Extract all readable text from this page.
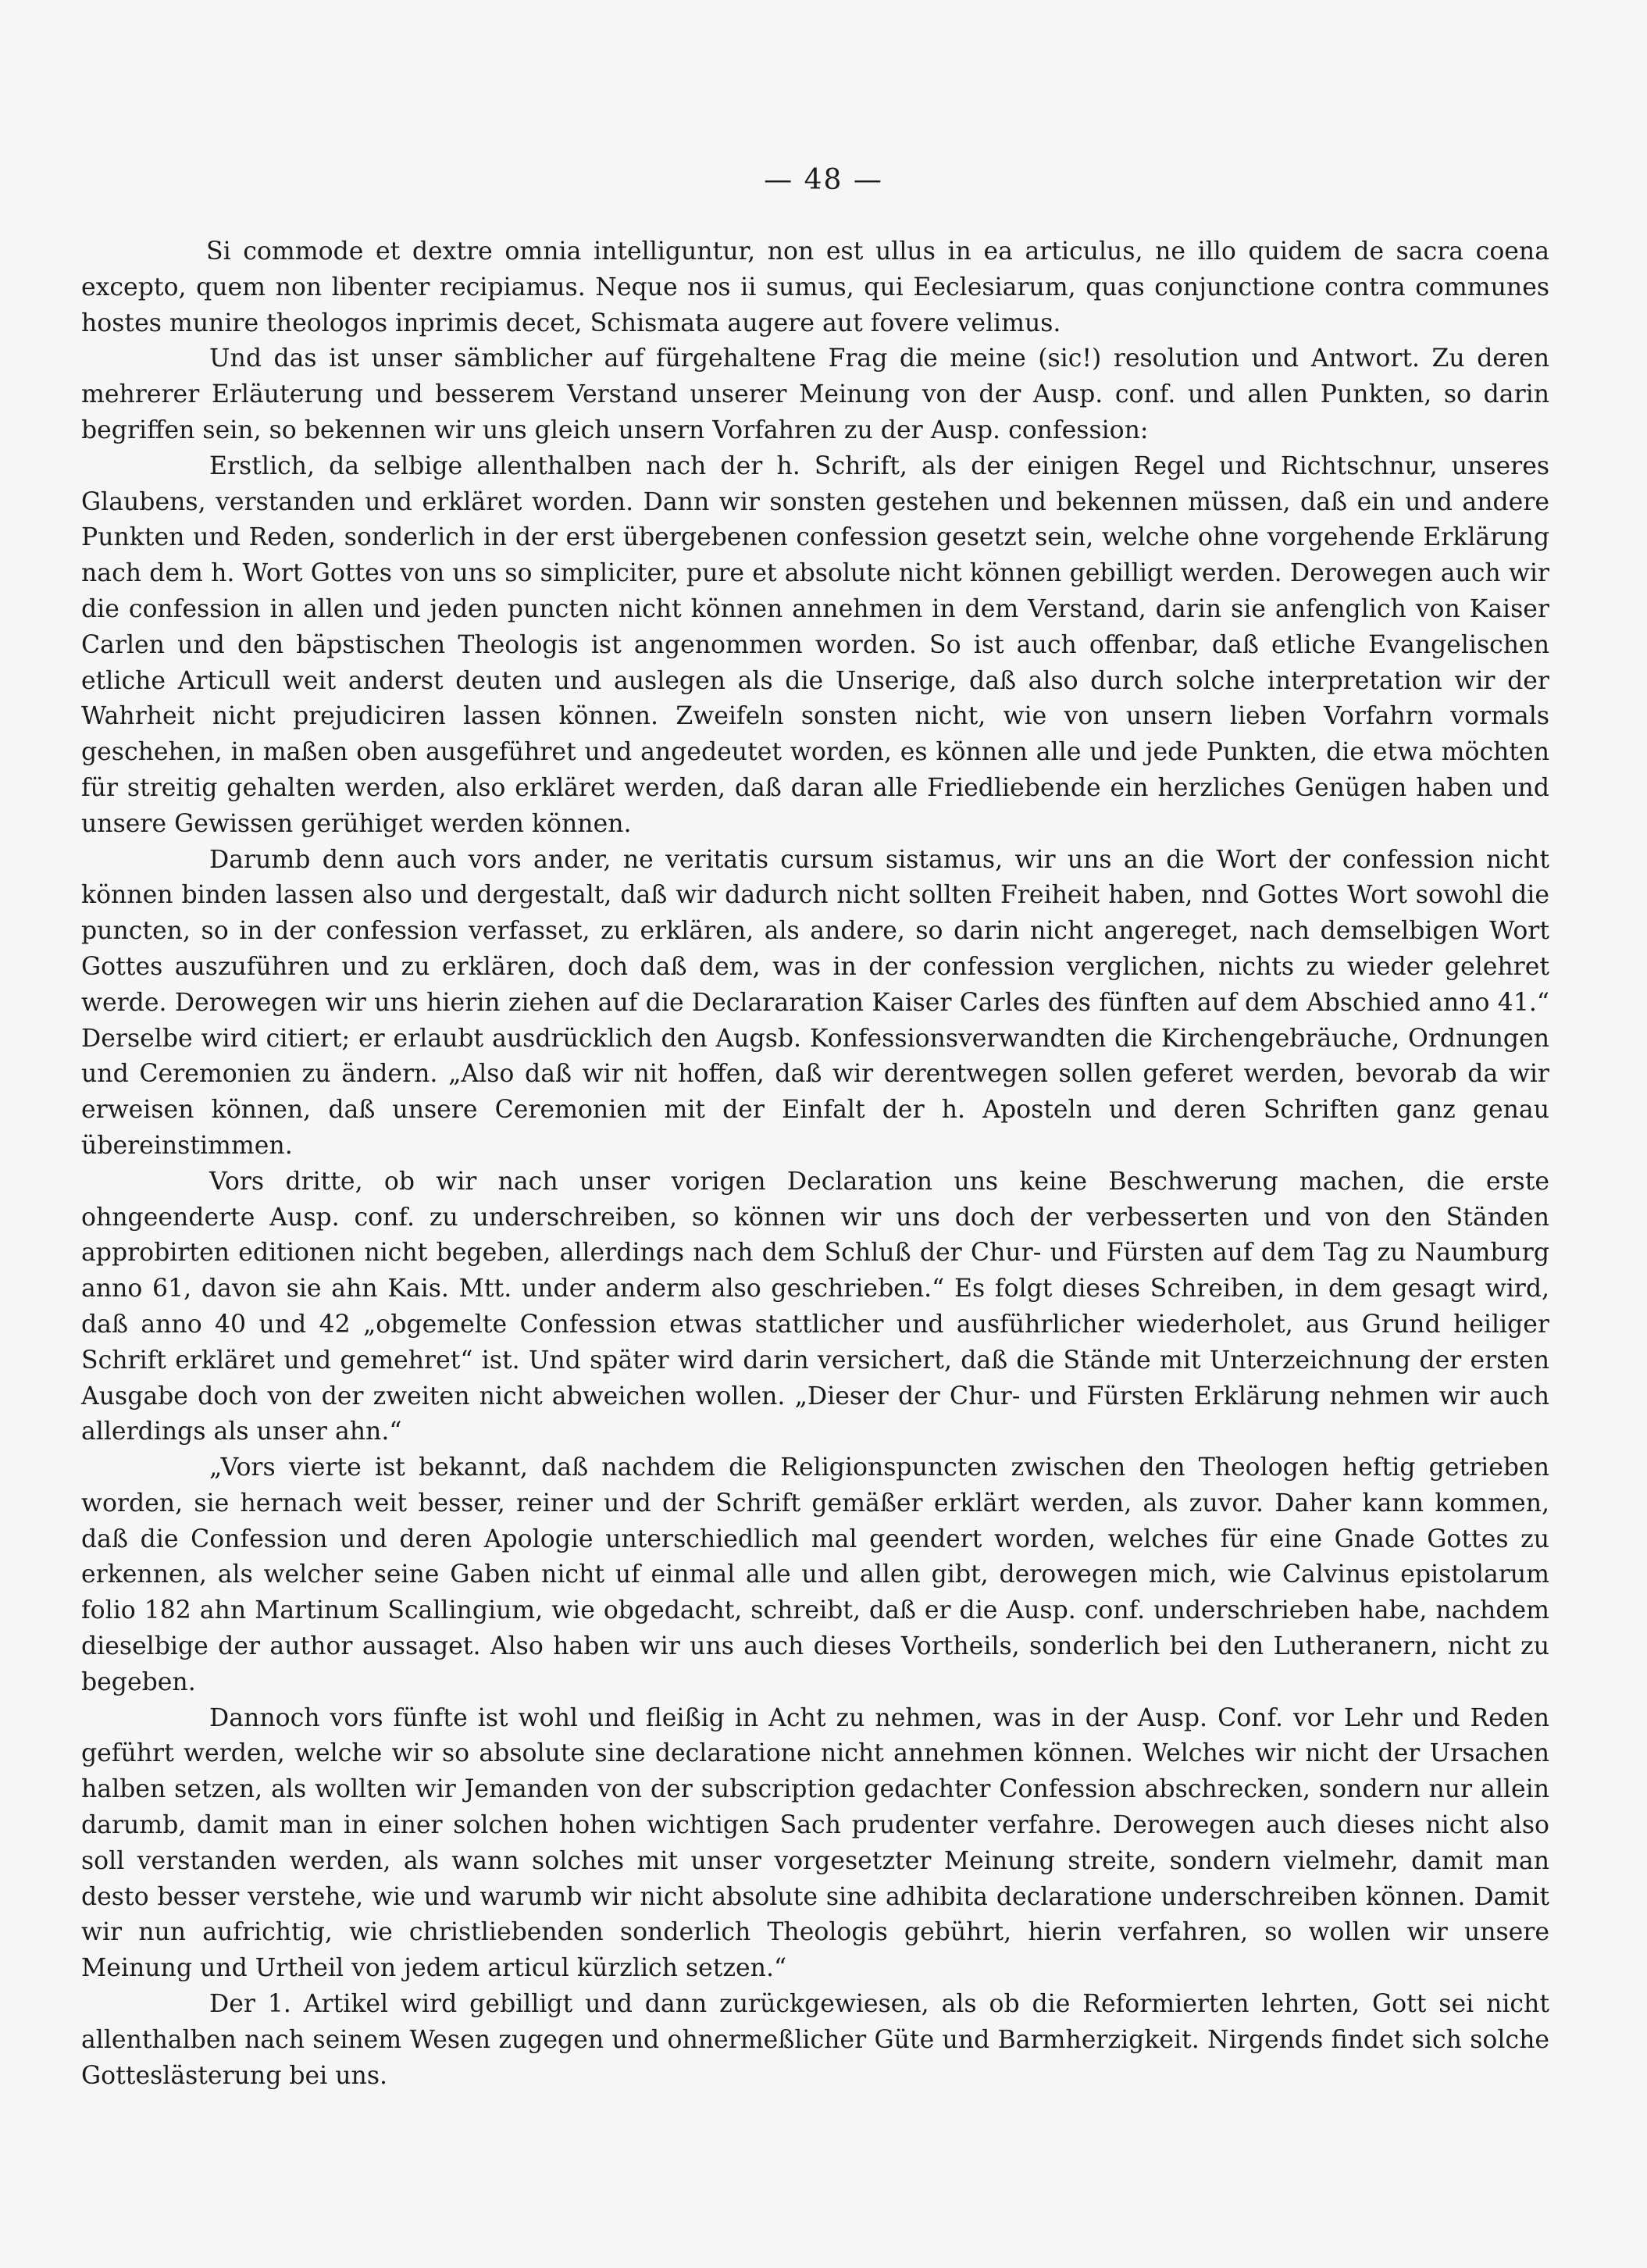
— 48 —

Si commode et dextre omnia intelliguntur, non est ullus in ea articulus, ne illo quidem de sacra coena excepto, quem non libenter recipiamus. Neque nos ii sumus, qui Eeclesiarum, quas conjunctione contra communes hostes munire theologos inprimis decet, Schismata augere aut fovere velimus.

Und das ist unser sämblicher auf fürgehaltene Frag die meine (sic!) resolution und Antwort. Zu deren mehrerer Erläuterung und besserem Verstand unserer Meinung von der Ausp. conf. und allen Punkten, so darin begriffen sein, so bekennen wir uns gleich unsern Vorfahren zu der Ausp. confession:

Erstlich, da selbige allenthalben nach der h. Schrift, als der einigen Regel und Richtschnur, unseres Glaubens, verstanden und erkläret worden. Dann wir sonsten gestehen und bekennen müssen, daß ein und andere Punkten und Reden, sonderlich in der erst übergebenen confession gesetzt sein, welche ohne vorgehende Erklärung nach dem h. Wort Gottes von uns so simpliciter, pure et absolute nicht können gebilligt werden. Derowegen auch wir die confession in allen und jeden puncten nicht können annehmen in dem Verstand, darin sie anfenglich von Kaiser Carlen und den bäpstischen Theologis ist angenommen worden. So ist auch offenbar, daß etliche Evangelischen etliche Articull weit anderst deuten und auslegen als die Unserige, daß also durch solche interpretation wir der Wahrheit nicht prejudiciren lassen können. Zweifeln sonsten nicht, wie von unsern lieben Vorfahrn vormals geschehen, in maßen oben ausgeführet und angedeutet worden, es können alle und jede Punkten, die etwa möchten für streitig gehalten werden, also erkläret werden, daß daran alle Friedliebende ein herzliches Genügen haben und unsere Gewissen gerühiget werden können.

Darumb denn auch vors ander, ne veritatis cursum sistamus, wir uns an die Wort der confession nicht können binden lassen also und dergestalt, daß wir dadurch nicht sollten Freiheit haben, nnd Gottes Wort sowohl die puncten, so in der confession verfasset, zu erklären, als andere, so darin nicht angereget, nach demselbigen Wort Gottes auszuführen und zu erklären, doch daß dem, was in der confession verglichen, nichts zu wieder gelehret werde. Derowegen wir uns hierin ziehen auf die Declararation Kaiser Carles des fünften auf dem Abschied anno 41.“ Derselbe wird citiert; er erlaubt ausdrücklich den Augsb. Konfessionsverwandten die Kirchengebräuche, Ordnungen und Ceremonien zu ändern. „Also daß wir nit hoffen, daß wir derentwegen sollen geferet werden, bevorab da wir erweisen können, daß unsere Ceremonien mit der Einfalt der h. Aposteln und deren Schriften ganz genau übereinstimmen.

Vors dritte, ob wir nach unser vorigen Declaration uns keine Beschwerung machen, die erste ohngeenderte Ausp. conf. zu underschreiben, so können wir uns doch der verbesserten und von den Ständen approbirten editionen nicht begeben, allerdings nach dem Schluß der Chur- und Fürsten auf dem Tag zu Naumburg anno 61, davon sie ahn Kais. Mtt. under anderm also geschrieben.“ Es folgt dieses Schreiben, in dem gesagt wird, daß anno 40 und 42 „obgemelte Confession etwas stattlicher und ausführlicher wiederholet, aus Grund heiliger Schrift erkläret und gemehret“ ist. Und später wird darin versichert, daß die Stände mit Unterzeichnung der ersten Ausgabe doch von der zweiten nicht abweichen wollen. „Dieser der Chur- und Fürsten Erklärung nehmen wir auch allerdings als unser ahn.“

„Vors vierte ist bekannt, daß nachdem die Religionspuncten zwischen den Theologen heftig getrieben worden, sie hernach weit besser, reiner und der Schrift gemäßer erklärt werden, als zuvor. Daher kann kommen, daß die Confession und deren Apologie unterschiedlich mal geendert worden, welches für eine Gnade Gottes zu erkennen, als welcher seine Gaben nicht uf einmal alle und allen gibt, derowegen mich, wie Calvinus epistolarum folio 182 ahn Martinum Scallingium, wie obgedacht, schreibt, daß er die Ausp. conf. underschrieben habe, nachdem dieselbige der author aussaget. Also haben wir uns auch dieses Vortheils, sonderlich bei den Lutheranern, nicht zu begeben.

Dannoch vors fünfte ist wohl und fleißig in Acht zu nehmen, was in der Ausp. Conf. vor Lehr und Reden geführt werden, welche wir so absolute sine declaratione nicht annehmen können. Welches wir nicht der Ursachen halben setzen, als wollten wir Jemanden von der subscription gedachter Confession abschrecken, sondern nur allein darumb, damit man in einer solchen hohen wichtigen Sach prudenter verfahre. Derowegen auch dieses nicht also soll verstanden werden, als wann solches mit unser vorgesetzter Meinung streite, sondern vielmehr, damit man desto besser verstehe, wie und warumb wir nicht absolute sine adhibita declaratione underschreiben können. Damit wir nun aufrichtig, wie christliebenden sonderlich Theologis gebührt, hierin verfahren, so wollen wir unsere Meinung und Urtheil von jedem articul kürzlich setzen.“

Der 1. Artikel wird gebilligt und dann zurückgewiesen, als ob die Reformierten lehrten, Gott sei nicht allenthalben nach seinem Wesen zugegen und ohnermeßlicher Güte und Barmherzigkeit. Nirgends findet sich solche Gotteslästerung bei uns.
